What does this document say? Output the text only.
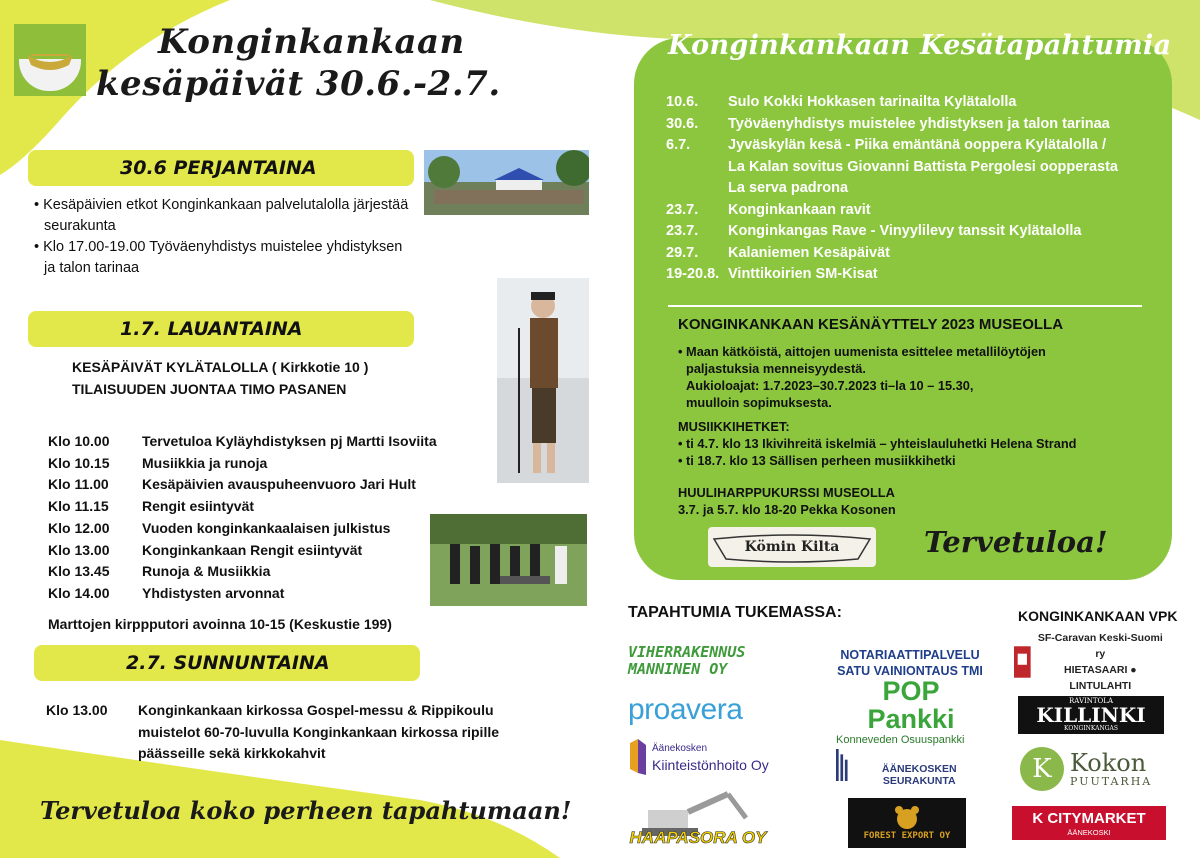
Konginkankaan
kesäpäivät 30.6.-2.7.
30.6 PERJANTAINA
• Kesäpäivien etkot Konginkankaan palvelutalolla järjestää seurakunta
• Klo 17.00-19.00 Työväenyhdistys muistelee yhdistyksen ja talon tarinaa
1.7. LAUANTAINA
KESÄPÄIVÄT KYLÄTALOLLA ( Kirkkotie 10 )
TILAISUUDEN JUONTAA TIMO PASANEN
Klo 10.00	Tervetuloa Kyläyhdistyksen pj Martti Isoviita
Klo 10.15	Musiikkia ja runoja
Klo 11.00	Kesäpäivien avauspuheenvuoro Jari Hult
Klo 11.15	Rengit esiintyvät
Klo 12.00	Vuoden konginkankaalaisen julkistus
Klo 13.00	Konginkankaan Rengit esiintyvät
Klo 13.45	Runoja & Musiikkia
Klo 14.00	Yhdistysten arvonnat
Marttojen kirppputori avoinna 10-15 (Keskustie 199)
2.7. SUNNUNTAINA
Klo 13.00	Konginkankaan kirkossa Gospel-messu & Rippikoulu muistelot 60-70-luvulla Konginkankaan kirkossa ripille päässeille sekä kirkkokahvit
Tervetuloa koko perheen tapahtumaan!
Konginkankaan Kesätapahtumia
10.6.	Sulo Kokki Hokkasen tarinailta Kylätalolla
30.6.	Työväenyhdistys muistelee yhdistyksen ja talon tarinaa
6.7.	Jyväskylän kesä - Piika emäntänä ooppera Kylätalolla /
La Kalan sovitus Giovanni Battista Pergolesi oopperasta
La serva padrona
23.7.	Konginkankaan ravit
23.7.	Konginkangas Rave - Vinyylilevy tanssit Kylätalolla
29.7.	Kalaniemen Kesäpäivät
19-20.8. Vinttikoirien SM-Kisat
KONGINKANKAAN KESÄNÄYTTELY 2023 MUSEOLLA
• Maan kätköistä, aittojen uumenista esittelee metallilöytöjen
paljastuksia menneisyydestä.
Aukioloajat: 1.7.2023–30.7.2023 ti–la 10 – 15.30,
muulloin sopimuksesta.
MUSIIKKIHETKET:
• ti 4.7. klo 13 Ikivihreitä iskelmiä – yhteislauluhetki Helena Strand
• ti 18.7. klo 13 Sällisen perheen musiikkihetki
HUULIHARPPUKURSSI MUSEOLLA
3.7. ja 5.7. klo 18-20 Pekka Kosonen
Kömin Kilta	Tervetuloa!
TAPAHTUMIA TUKEMASSA:	KONGINKANKAAN VPK
VIHERRAKENNUS
MANNINEN OY
NOTARIAATTIPALVELU
SATU VAINIONTAUS TMI
SF-Caravan Keski-Suomi ry
HIETASAARI ● LINTULAHTI
proavera
POP Pankki
Konneveden Osuuspankki
RAVINTOLA
KILLINKI
KONGINKANGAS
Äänekosken
Kiinteistönhoito Oy	ÄÄNEKOSKEN SEURAKUNTA	K Kokon
PUUTARHA
HAAPASORA OY	FOREST EXPORT OY
K CITYMARKET
ÄÄNEKOSKI
